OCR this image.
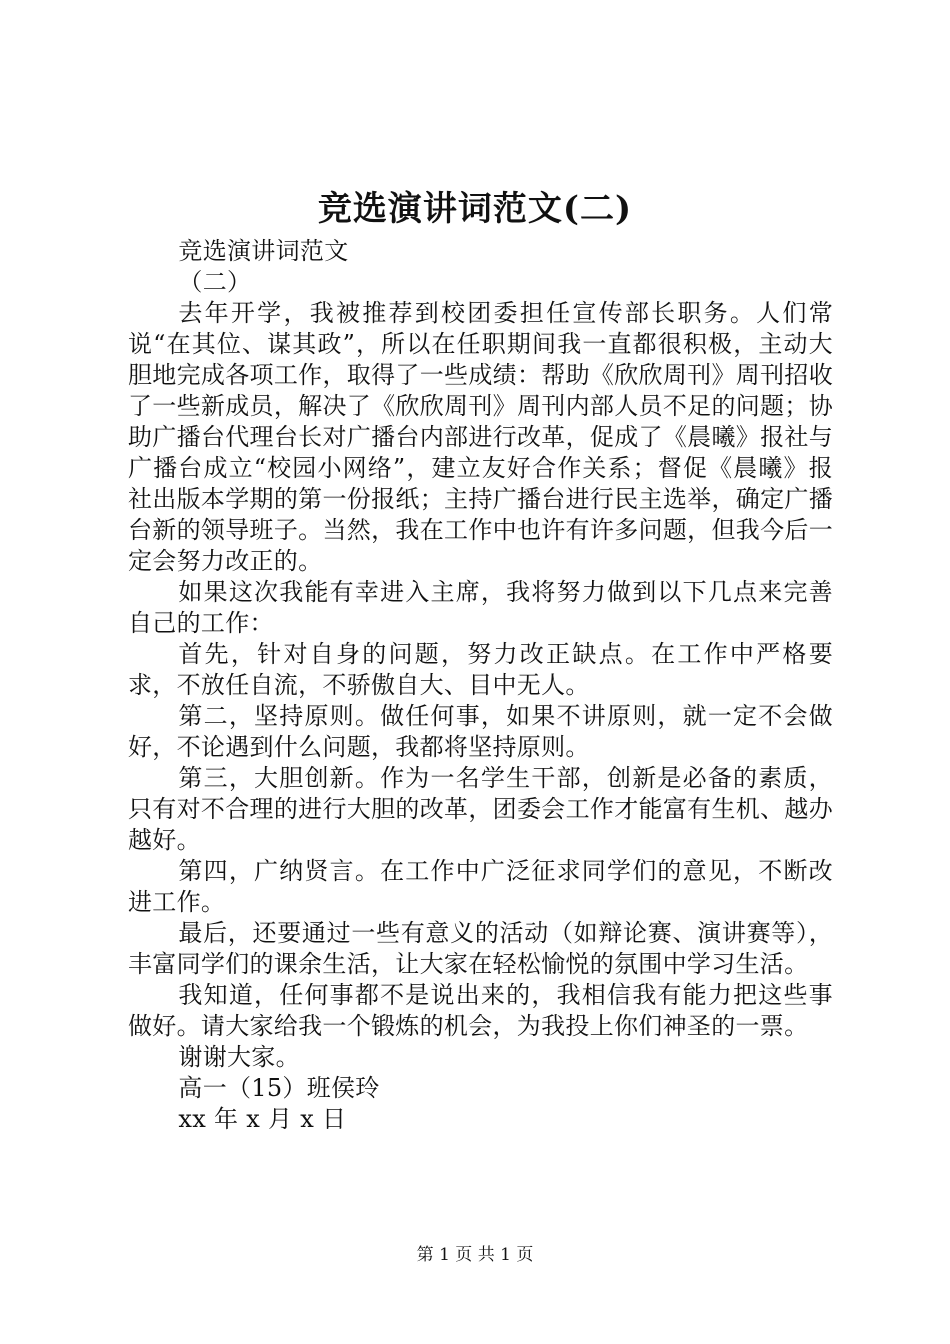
竞选演讲词范文(二)

竞选演讲词范文

（二）

去年开学，我被推荐到校团委担任宣传部长职务。人们常说“在其位、谋其政”，所以在任职期间我一直都很积极，主动大胆地完成各项工作，取得了一些成绩：帮助《欣欣周刊》周刊招收了一些新成员，解决了《欣欣周刊》周刊内部人员不足的问题；协助广播台代理台长对广播台内部进行改革，促成了《晨曦》报社与广播台成立“校园小网络”，建立友好合作关系；督促《晨曦》报社出版本学期的第一份报纸；主持广播台进行民主选举，确定广播台新的领导班子。当然，我在工作中也许有许多问题，但我今后一定会努力改正的。

如果这次我能有幸进入主席，我将努力做到以下几点来完善自己的工作：

首先，针对自身的问题，努力改正缺点。在工作中严格要求，不放任自流，不骄傲自大、目中无人。

第二，坚持原则。做任何事，如果不讲原则，就一定不会做好，不论遇到什么问题，我都将坚持原则。

第三，大胆创新。作为一名学生干部，创新是必备的素质，只有对不合理的进行大胆的改革，团委会工作才能富有生机、越办越好。

第四，广纳贤言。在工作中广泛征求同学们的意见，不断改进工作。

最后，还要通过一些有意义的活动（如辩论赛、演讲赛等），丰富同学们的课余生活，让大家在轻松愉悦的氛围中学习生活。

我知道，任何事都不是说出来的，我相信我有能力把这些事做好。请大家给我一个锻炼的机会，为我投上你们神圣的一票。

谢谢大家。

高一（15）班侯玲

xx 年 x 月 x 日

第 1 页 共 1 页
